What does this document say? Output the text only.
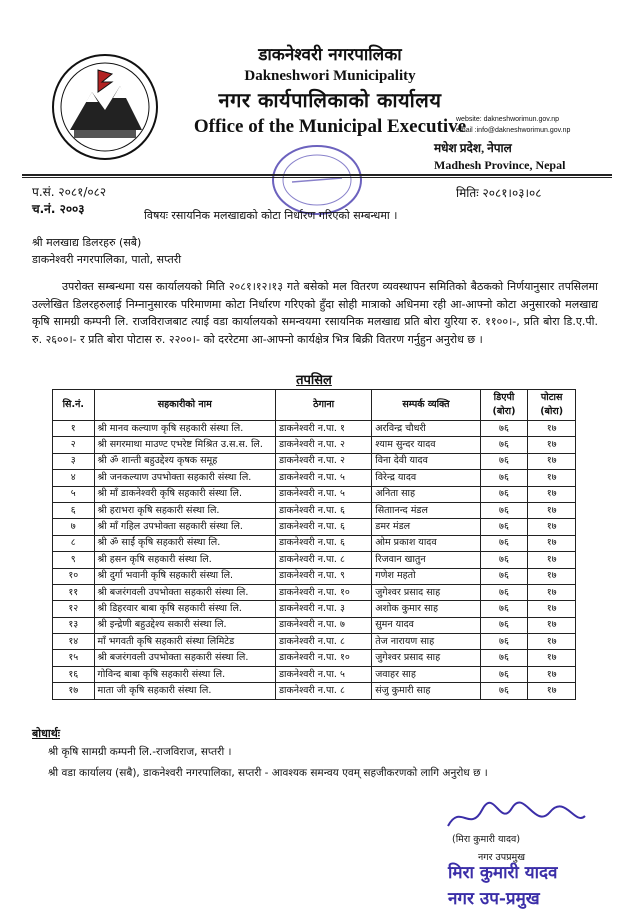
डाकनेश्वरी नगरपालिका
Dakneshwori Municipality
नगर कार्यपालिकाको कार्यालय
Office of the Municipal Executive
website: dakneshworimun.gov.np
email :info@dakneshworimun.gov.np
मधेश प्रदेश, नेपाल
Madhesh Province, Nepal
प.सं. २०८१/०८२
च.नं. २००३
मितिः २०८१।०३।०८
विषयः रसायनिक मलखाद्यको कोटा निर्धारण गरिएको सम्बन्धमा ।
श्री मलखाद्य डिलरहरु (सबै)
डाकनेश्वरी नगरपालिका, पातो, सप्तरी
उपरोक्त सम्बन्धमा यस कार्यालयको मिति २०८१।१२।१३ गते बसेको मल वितरण व्यवस्थापन समितिको बैठकको निर्णयानुसार तपसिलमा उल्लेखित डिलरहरुलाई निम्नानुसारक परिमाणमा कोटा निर्धारण गरिएको हुँदा सोही मात्राको अधिनमा रही आ-आफ्नो कोटा अनुसारको मलखाद्य कृषि सामग्री कम्पनी लि. राजविराजबाट त्याई वडा कार्यालयको समन्वयमा रसायनिक मलखाद्य प्रति बोरा युरिया रु. ११००।-, प्रति बोरा डि.ए.पी. रु. २६००।- र प्रति बोरा पोटास रु. २२००।- को दररेटमा आ-आफ्नो कार्यक्षेत्र भित्र बिक्री वितरण गर्नुहुन अनुरोध छ ।
तपसिल
सि.नं.	सहकारीको नाम	ठेगाना	सम्पर्क व्यक्ति	डिएपी (बोरा)	पोटास (बोरा)
१	श्री मानव कल्याण कृषि सहकारी संस्था लि.	डाकनेश्वरी न.पा. १	अरविन्द्र चौधरी	७६	१७
२	श्री सगरमाथा माउण्ट एभरेष्ट मिश्रित उ.स.स. लि.	डाकनेश्वरी न.पा. २	श्याम सुन्दर यादव	७६	१७
३	श्री ॐ शान्ती बहुउद्देश्य कृषक समूह	डाकनेश्वरी न.पा. २	विना देवी यादव	७६	१७
४	श्री जनकल्याण उपभोक्ता सहकारी संस्था लि.	डाकनेश्वरी न.पा. ५	विरेन्द्र यादव	७६	१७
५	श्री माँ डाकनेश्वरी कृषि सहकारी संस्था लि.	डाकनेश्वरी न.पा. ५	अनिता साह	७६	१७
६	श्री हराभरा कृषि सहकारी संस्था लि.	डाकनेश्वरी न.पा. ६	सिताानन्द मंडल	७६	१७
७	श्री माँ गहिल उपभोक्ता सहकारी संस्था लि.	डाकनेश्वरी न.पा. ६	डमर मंडल	७६	१७
८	श्री ॐ साईं कृषि सहकारी संस्था लि.	डाकनेश्वरी न.पा. ६	ओम प्रकाश यादव	७६	१७
९	श्री हसन कृषि सहकारी संस्था लि.	डाकनेश्वरी न.पा. ८	रिजवान खातुन	७६	१७
१०	श्री दुर्गा भवानी कृषि सहकारी संस्था लि.	डाकनेश्वरी न.पा. ९	गणेश महतो	७६	१७
११	श्री बजरंगवली उपभोक्ता सहकारी संस्था लि.	डाकनेश्वरी न.पा. १०	जुगेश्वर प्रसाद साह	७६	१७
१२	श्री डिहरवार बाबा कृषि सहकारी संस्था लि.	डाकनेश्वरी न.पा. ३	अशोक कुमार साह	७६	१७
१३	श्री इन्द्रेणी बहुउद्देश्य सकारी संस्था लि.	डाकनेश्वरी न.पा. ७	सुमन यादव	७६	१७
१४	माँ भगवती कृषि सहकारी संस्था लिमिटेड	डाकनेश्वरी न.पा. ८	तेज नारायण साह	७६	१७
१५	श्री बजरंगवली उपभोक्ता सहकारी संस्था लि.	डाकनेश्वरी न.पा. १०	जुगेश्वर प्रसाद साह	७६	१७
१६	गोविन्द बाबा कृषि सहकारी संस्था लि.	डाकनेश्वरी न.पा. ५	जवाहर साह	७६	१७
१७	माता जी कृषि सहकारी संस्था लि.	डाकनेश्वरी न.पा. ८	संजु कुमारी साह	७६	१७
बोधार्थः
श्री कृषि सामग्री कम्पनी लि.-राजविराज, सप्तरी ।
श्री वडा कार्यालय (सबै), डाकनेश्वरी नगरपालिका, सप्तरी - आवश्यक समन्वय एवम् सहजीकरणको लागि अनुरोध छ ।
(मिरा कुमारी यादव)
नगर उपप्रमुख
मिरा कुमारी यादव
नगर उप-प्रमुख
